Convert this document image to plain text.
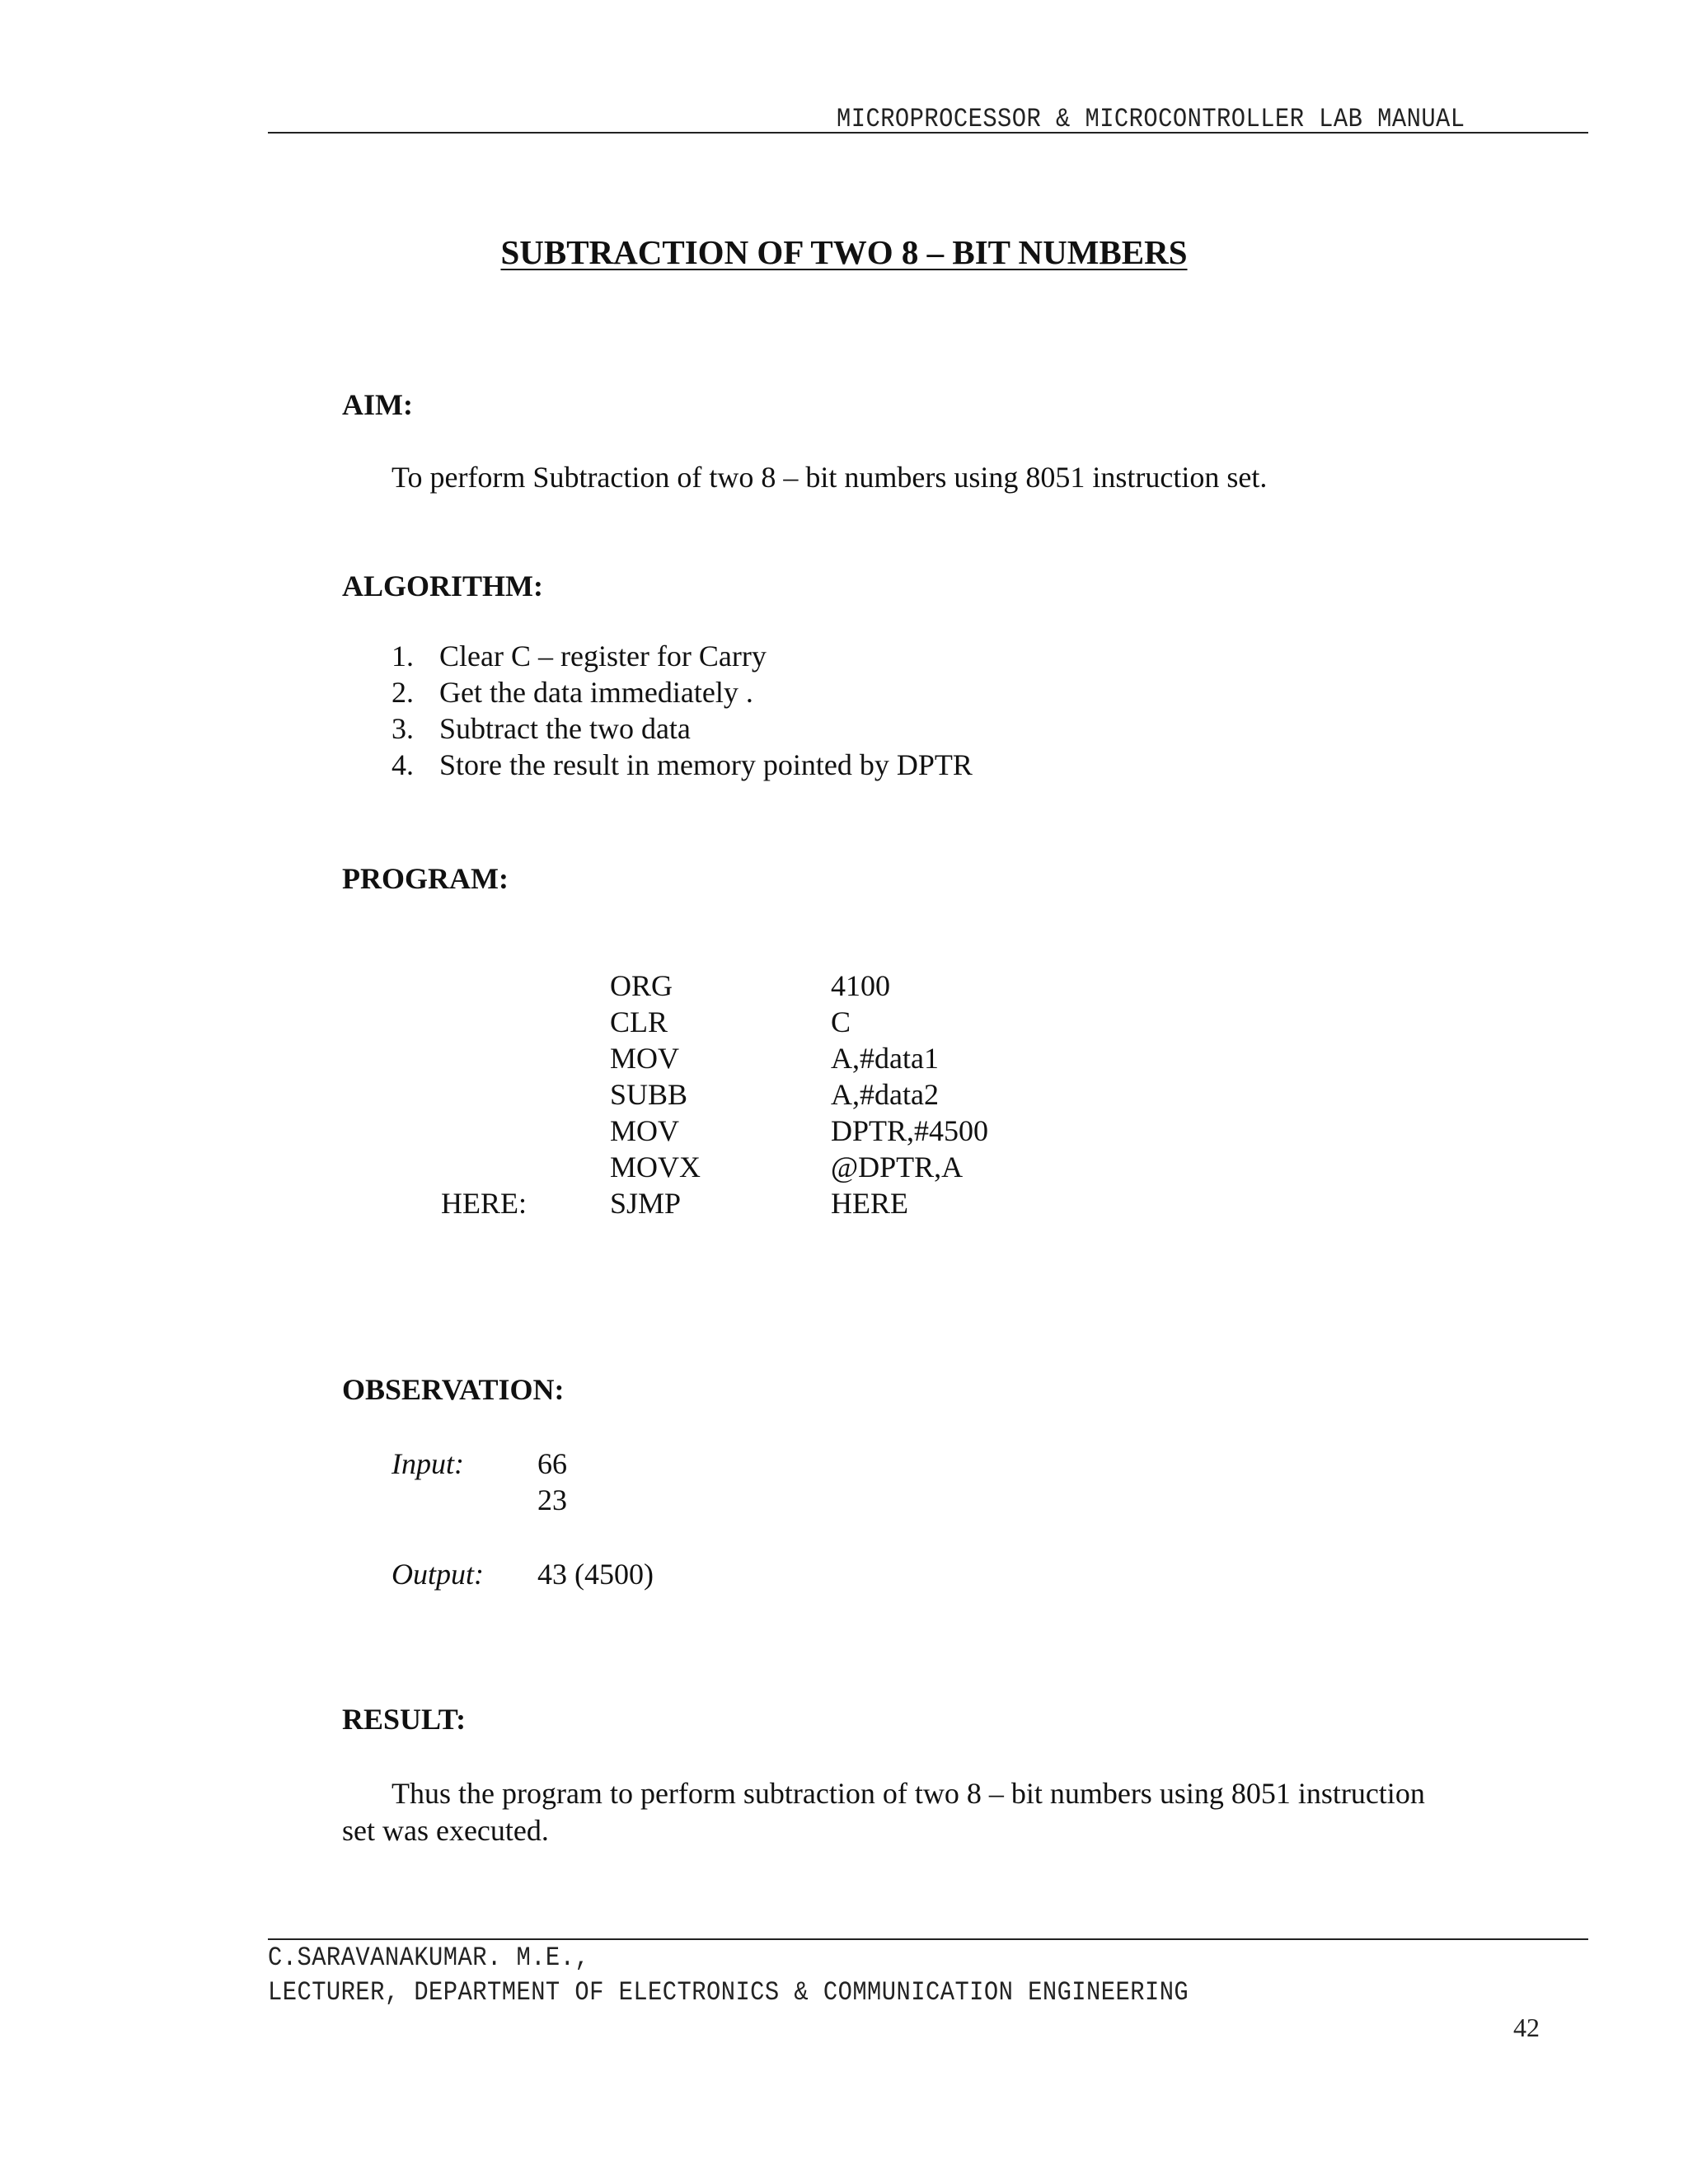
MICROPROCESSOR & MICROCONTROLLER LAB MANUAL
SUBTRACTION OF TWO 8 – BIT NUMBERS
AIM:
To perform Subtraction of two 8 – bit numbers using 8051 instruction set.
ALGORITHM:
1. Clear C – register for Carry
2. Get the data immediately .
3. Subtract the two data
4. Store the result in memory pointed by DPTR
PROGRAM:
ORG	4100
CLR	C
MOV	A,#data1
SUBB	A,#data2
MOV	DPTR,#4500
MOVX	@DPTR,A
HERE:	SJMP	HERE
OBSERVATION:
Input: 66
23
Output: 43 (4500)
RESULT:
Thus the program to perform subtraction of two 8 – bit numbers using 8051 instruction
set was executed.
C.SARAVANAKUMAR. M.E.,
LECTURER, DEPARTMENT OF ELECTRONICS & COMMUNICATION ENGINEERING
42
